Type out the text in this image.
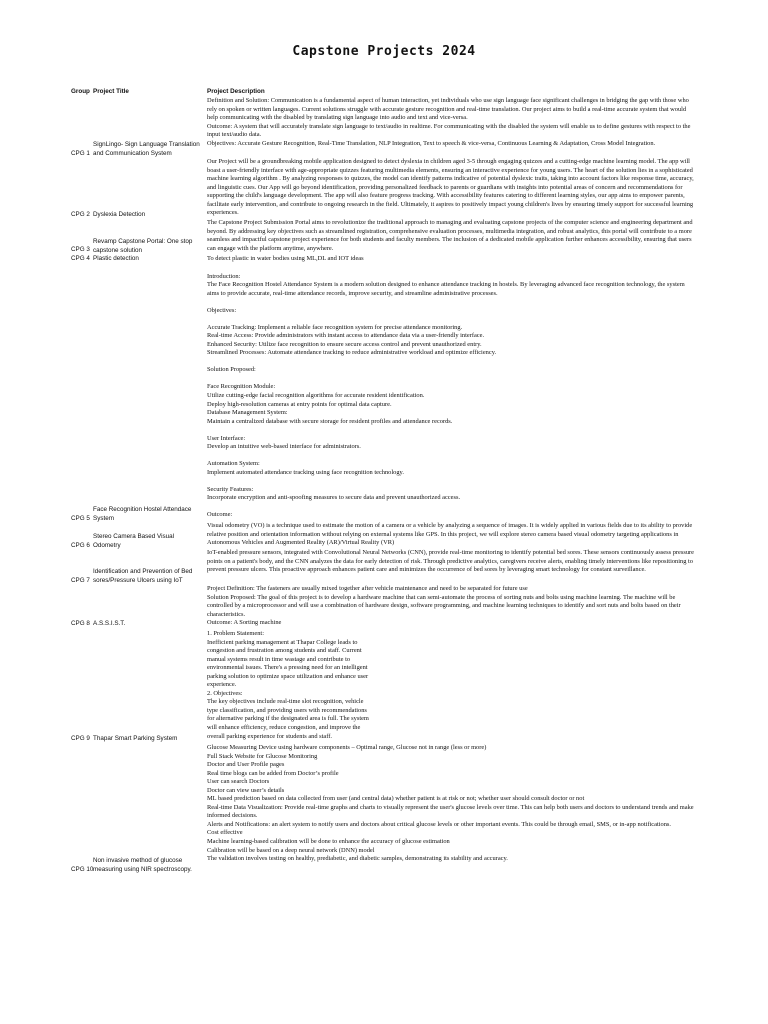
Capstone Projects 2024
Group Project Title	Project Description
SignLingo- Sign Language Translation
and Communication System
CPG 1
Dyslexia Detection
CPG 2
Revamp Capstone Portal: One stop
capstone solution
CPG 3
Plastic detection
CPG 4
Face Recognition Hostel Attendace
System
CPG 5
Stereo Camera Based Visual
Odometry
CPG 6
Identification and Prevention of Bed
sores/Pressure Ulcers using IoT
CPG 7
A.S.S.I.S.T.
CPG 8
Thapar Smart Parking System
CPG 9
Non invasive method of glucose
measuring using NIR spectroscopy.
CPG 10

Definition and Solution: Communication is a fundamental aspect of human interaction, yet individuals who use sign language face significant challenges in bridging the gap with those who rely on spoken or written languages. Current solutions struggle with accurate gesture recognition and real-time translation. Our project aims to build a real-time accurate system that would help communicating with the disabled by translating sign language into audio and text and vice-versa.

Outcome: A system that will accurately translate sign language to text/audio in realtime. For communicating with the disabled the system will enable us to define gestures with respect to the input text/audio data.

Objectives: Accurate Gesture Recognition, Real-Time Translation, NLP Integration, Text to speech & vice-versa, Continuous Learning & Adaptation, Cross Model Integration.

Our Project will be a groundbreaking mobile application designed to detect dyslexia in children aged 3-5 through engaging quizzes and a cutting-edge machine learning model. The app will boast a user-friendly interface with age-appropriate quizzes featuring multimedia elements, ensuring an interactive experience for young users. The heart of the solution lies in a sophisticated machine learning algorithm . By analyzing responses to quizzes, the model can identify patterns indicative of potential dyslexic traits, taking into account factors like response time, accuracy, and linguistic cues. Our App will go beyond identification, providing personalized feedback to parents or guardians with insights into potential areas of concern and recommendations for supporting the child's language development. The app will also feature progress tracking. With accessibility features catering to different learning styles, our app aims to empower parents, facilitate early intervention, and contribute to ongoing research in the field. Ultimately, it aspires to positively impact young children's lives by ensuring timely support for successful learning experiences.

The Capstone Project Submission Portal aims to revolutionize the traditional approach to managing and evaluating capstone projects of the computer science and engineering department and beyond. By addressing key objectives such as streamlined registration, comprehensive evaluation processes, multimedia integration, and robust analytics, this portal will contribute to a more seamless and impactful capstone project experience for both students and faculty members. The inclusion of a dedicated mobile application further enhances accessibility, ensuring that users can engage with the platform anytime, anywhere.

To detect plastic in water bodies using ML,DL and IOT ideas

Introduction:

The Face Recognition Hostel Attendance System is a modern solution designed to enhance attendance tracking in hostels. By leveraging advanced face recognition technology, the system aims to provide accurate, real-time attendance records, improve security, and streamline administrative processes.

Objectives:

Accurate Tracking: Implement a reliable face recognition system for precise attendance monitoring.

Real-time Access: Provide administrators with instant access to attendance data via a user-friendly interface.

Enhanced Security: Utilize face recognition to ensure secure access control and prevent unauthorized entry.

Streamlined Processes: Automate attendance tracking to reduce administrative workload and optimize efficiency.

Solution Proposed:

Face Recognition Module:

Utilize cutting-edge facial recognition algorithms for accurate resident identification.

Deploy high-resolution cameras at entry points for optimal data capture.

Database Management System:

Maintain a centralized database with secure storage for resident profiles and attendance records.

User Interface:

Develop an intuitive web-based interface for administrators.

Automation System:

Implement automated attendance tracking using face recognition technology.

Security Features:

Incorporate encryption and anti-spoofing measures to secure data and prevent unauthorized access.

Outcome:

Visual odometry (VO) is a technique used to estimate the motion of a camera or a vehicle by analyzing a sequence of images. It is widely applied in various fields due to its ability to provide relative position and orientation information without relying on external systems like GPS. In this project, we will explore stereo camera based visual odometry targeting applications in Autonomous Vehicles and Augmented Reality (AR)/Virtual Reality (VR)

IoT-enabled pressure sensors, integrated with Convolutional Neural Networks (CNN), provide real-time monitoring to identify potential bed sores. These sensors continuously assess pressure points on a patient's body, and the CNN analyzes the data for early detection of risk. Through predictive analytics, caregivers receive alerts, enabling timely interventions like repositioning to prevent pressure ulcers. This proactive approach enhances patient care and minimizes the occurrence of bed sores by leveraging smart technology for constant surveillance.

Project Definition: The fasteners are usually mixed together after vehicle maintenance and need to be separated for future use

Solution Proposed: The goal of this project is to develop a hardware machine that can semi-automate the process of sorting nuts and bolts using machine learning. The machine will be controlled by a microprocessor and will use a combination of hardware design, software programming, and machine learning techniques to identify and sort nuts and bolts based on their characteristics.

Outcome: A Sorting machine

1. Problem Statement:

Inefficient parking management at Thapar College leads to

congestion and frustration among students and staff. Current

manual systems result in time wastage and contribute to

environmental issues. There's a pressing need for an intelligent

parking solution to optimize space utilization and enhance user

experience.

2. Objectives:

The key objectives include real-time slot recognition, vehicle

type classification, and providing users with recommendations

for alternative parking if the designated area is full. The system

will enhance efficiency, reduce congestion, and improve the

overall parking experience for students and staff.

Glucose Measuring Device using hardware components – Optimal range, Glucose not in range (less or more)

Full Stack Website for Glucose Monitoring

Doctor and User Profile pages

Real time blogs can be added from Doctor’s profile

User can search Doctors

Doctor can view user’s details

ML based prediction based on data collected from user (and central data) whether patient is at risk or not; whether user should consult doctor or not

Real-time Data Visualization: Provide real-time graphs and charts to visually represent the user's glucose levels over time. This can help both users and doctors to understand trends and make informed decisions.

Alerts and Notifications: an alert system to notify users and doctors about critical glucose levels or other important events. This could be through email, SMS, or in-app notifications.

Cost effective

Machine learning-based calibration will be done to enhance the accuracy of glucose estimation

Calibration will be based on a deep neural network (DNN) model

The validation involves testing on healthy, prediabetic, and diabetic samples, demonstrating its stability and accuracy.
